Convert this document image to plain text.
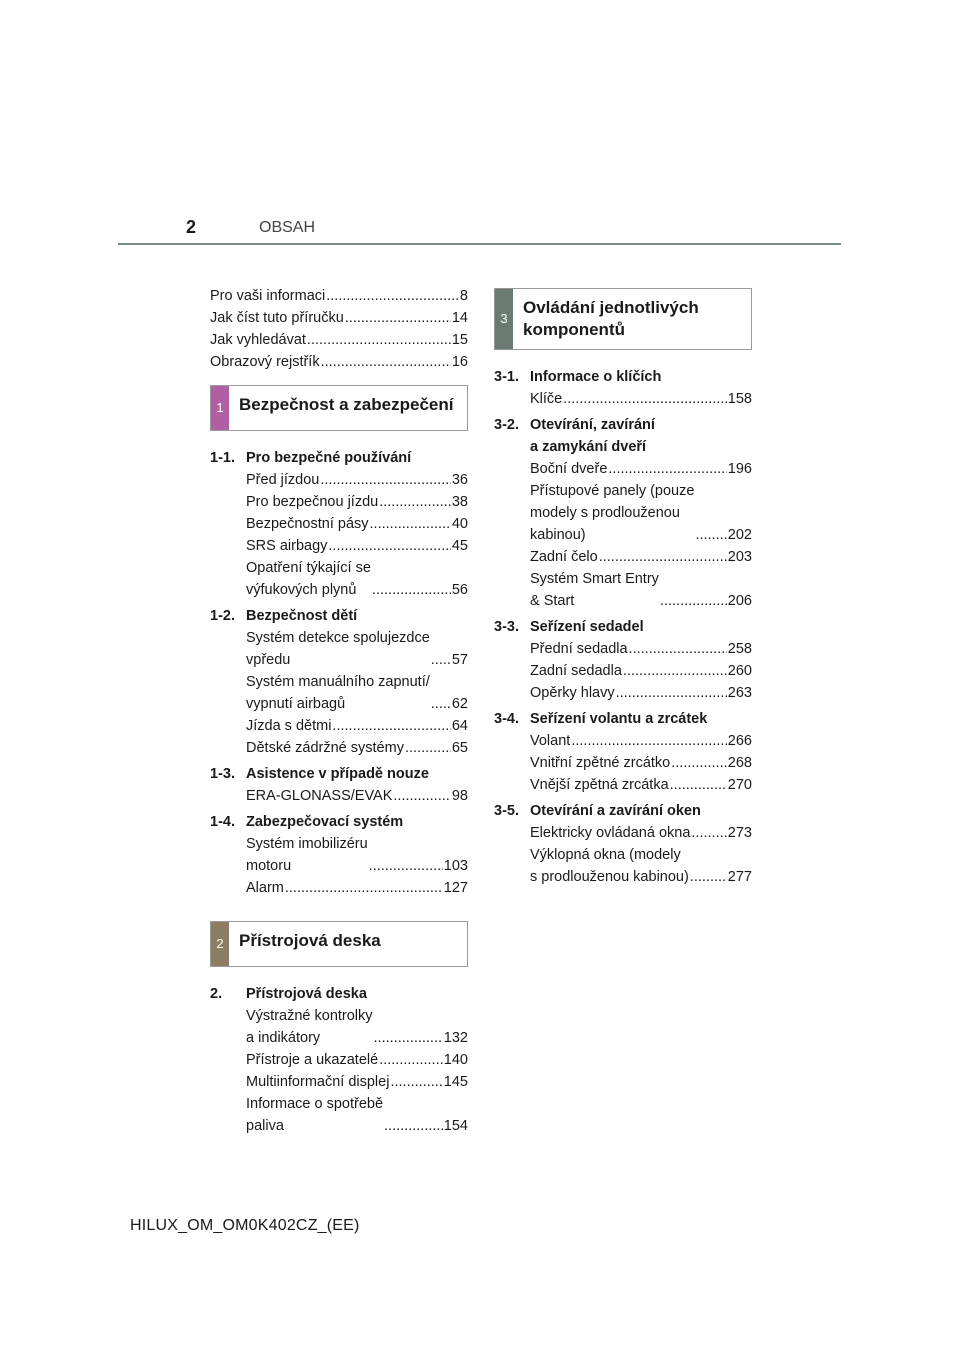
2	OBSAH
Pro vaši informaci .....	8
Jak číst tuto příručku .....	14
Jak vyhledávat .....	15
Obrazový rejstřík .....	16
1 Bezpečnost a zabezpečení
1-1. Pro bezpečné používání
Před jízdou .....	36
Pro bezpečnou jízdu .....	38
Bezpečnostní pásy .....	40
SRS airbagy .....	45
Opatření týkající se
výfukových plynů .....	56
1-2. Bezpečnost dětí
Systém detekce spolujezdce
vpředu .....	57
Systém manuálního zapnutí/
vypnutí airbagů .....	62
Jízda s dětmi .....	64
Dětské zádržné systémy .....	65
1-3. Asistence v případě nouze
ERA-GLONASS/EVAK .....	98
1-4. Zabezpečovací systém
Systém imobilizéru
motoru .....	103
Alarm .....	127
2 Přístrojová deska
2.	Přístrojová deska
Výstražné kontrolky
a indikátory .....	132
Přístroje a ukazatelé .....	140
Multiinformační displej .....	145
Informace o spotřebě
paliva .....	154
3
Ovládání jednotlivých
komponentů
3-1. Informace o klíčích
Klíče .....	158
3-2. Otevírání, zavírání
a zamykání dveří
Boční dveře .....	196
Přístupové panely (pouze
modely s prodlouženou
kabinou) .....	202
Zadní čelo .....	203
Systém Smart Entry
& Start .....	206
3-3. Seřízení sedadel
Přední sedadla .....	258
Zadní sedadla .....	260
Opěrky hlavy .....	263
3-4. Seřízení volantu a zrcátek
Volant .....	266
Vnitřní zpětné zrcátko .....	268
Vnější zpětná zrcátka .....	270
3-5. Otevírání a zavírání oken
Elektricky ovládaná okna .....	273
Výklopná okna (modely
s prodlouženou kabinou) .....	277
HILUX_OM_OM0K402CZ_(EE)
